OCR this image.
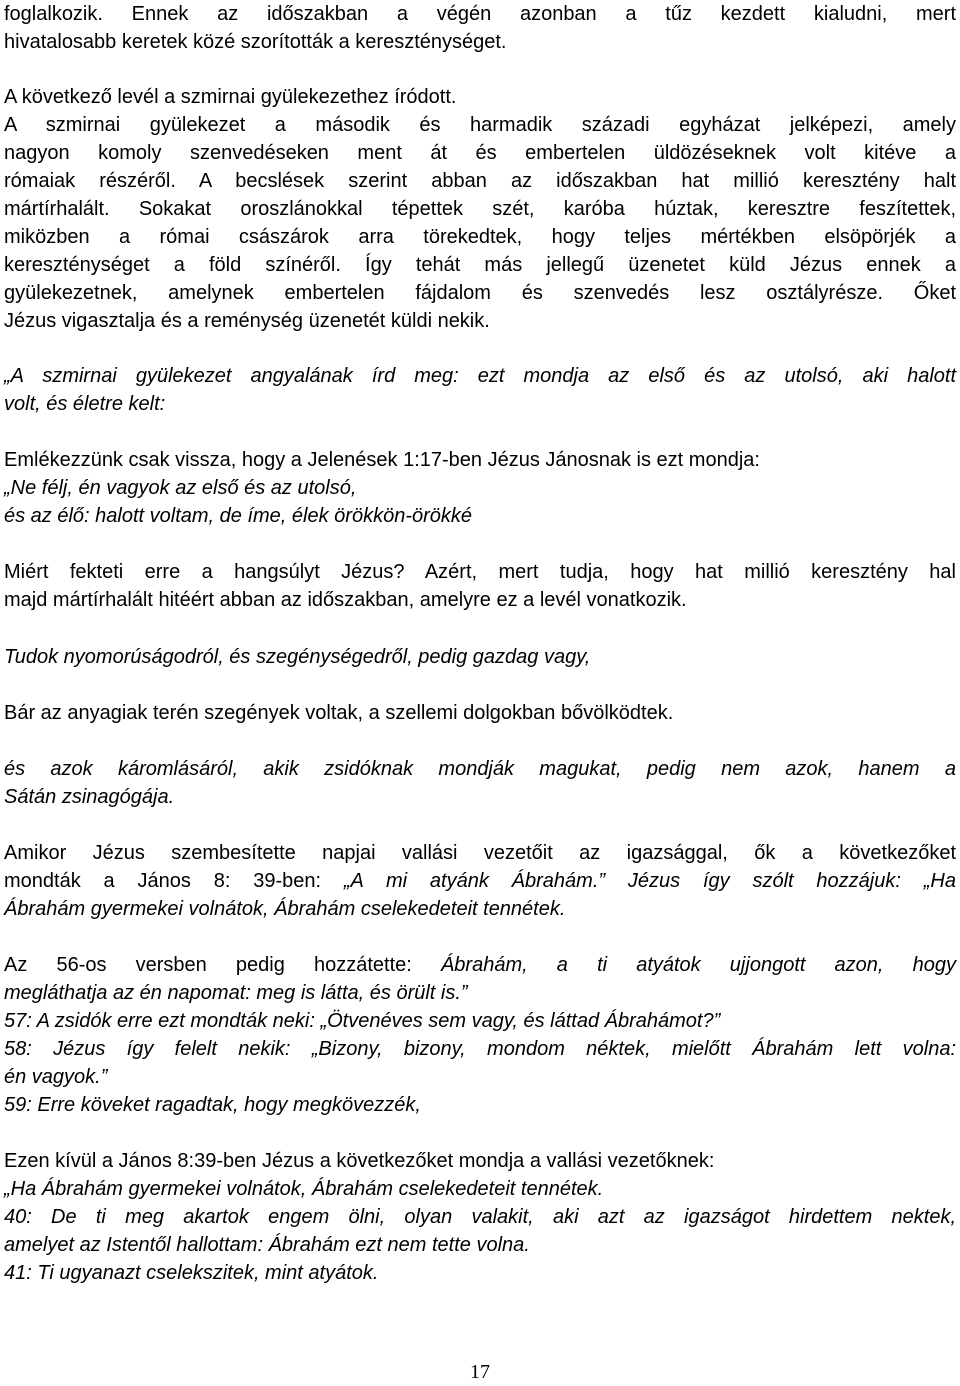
foglalkozik. Ennek az időszakban a végén azonban a tűz kezdett kialudni, mert
hivatalosabb keretek közé szorították a kereszténységet.
A következő levél a szmirnai gyülekezethez íródott.
A szmirnai gyülekezet a második és harmadik századi egyházat jelképezi, amely
nagyon komoly szenvedéseken ment át és embertelen üldözéseknek volt kitéve a
rómaiak részéről. A becslések szerint abban az időszakban hat millió keresztény halt
mártírhalált. Sokakat oroszlánokkal tépettek szét, karóba húztak, keresztre feszítettek,
miközben a római császárok arra törekedtek, hogy teljes mértékben elsöpörjék a
kereszténységet a föld színéről. Így tehát más jellegű üzenetet küld Jézus ennek a
gyülekezetnek, amelynek embertelen fájdalom és szenvedés lesz osztályrésze. Őket
Jézus vigasztalja és a reménység üzenetét küldi nekik.
„A szmirnai gyülekezet angyalának írd meg: ezt mondja az első és az utolsó, aki halott
volt, és életre kelt:
Emlékezzünk csak vissza, hogy a Jelenések 1:17-ben Jézus Jánosnak is ezt mondja:
„Ne félj, én vagyok az első és az utolsó,
és az élő: halott voltam, de íme, élek örökkön-örökké
Miért fekteti erre a hangsúlyt Jézus? Azért, mert tudja, hogy hat millió keresztény hal
majd mártírhalált hitéért abban az időszakban, amelyre ez a levél vonatkozik.
Tudok nyomorúságodról, és szegénységedről, pedig gazdag vagy,
Bár az anyagiak terén szegények voltak, a szellemi dolgokban bővölködtek.
és azok káromlásáról, akik zsidóknak mondják magukat, pedig nem azok, hanem a
Sátán zsinagógája.
Amikor Jézus szembesítette napjai vallási vezetőit az igazsággal, ők a következőket
mondták a János 8: 39-ben: „A mi atyánk Ábrahám.” Jézus így szólt hozzájuk: „Ha
Ábrahám gyermekei volnátok, Ábrahám cselekedeteit tennétek.
Az 56-os versben pedig hozzátette: Ábrahám, a ti atyátok ujjongott azon, hogy
megláthatja az én napomat: meg is látta, és örült is.”
57: A zsidók erre ezt mondták neki: „Ötvenéves sem vagy, és láttad Ábrahámot?”
58: Jézus így felelt nekik: „Bizony, bizony, mondom néktek, mielőtt Ábrahám lett volna:
én vagyok.”
59: Erre köveket ragadtak, hogy megkövezzék,
Ezen kívül a János 8:39-ben Jézus a következőket mondja a vallási vezetőknek:
„Ha Ábrahám gyermekei volnátok, Ábrahám cselekedeteit tennétek.
40: De ti meg akartok engem ölni, olyan valakit, aki azt az igazságot hirdettem nektek,
amelyet az Istentől hallottam: Ábrahám ezt nem tette volna.
41: Ti ugyanazt cselekszitek, mint atyátok.
17
